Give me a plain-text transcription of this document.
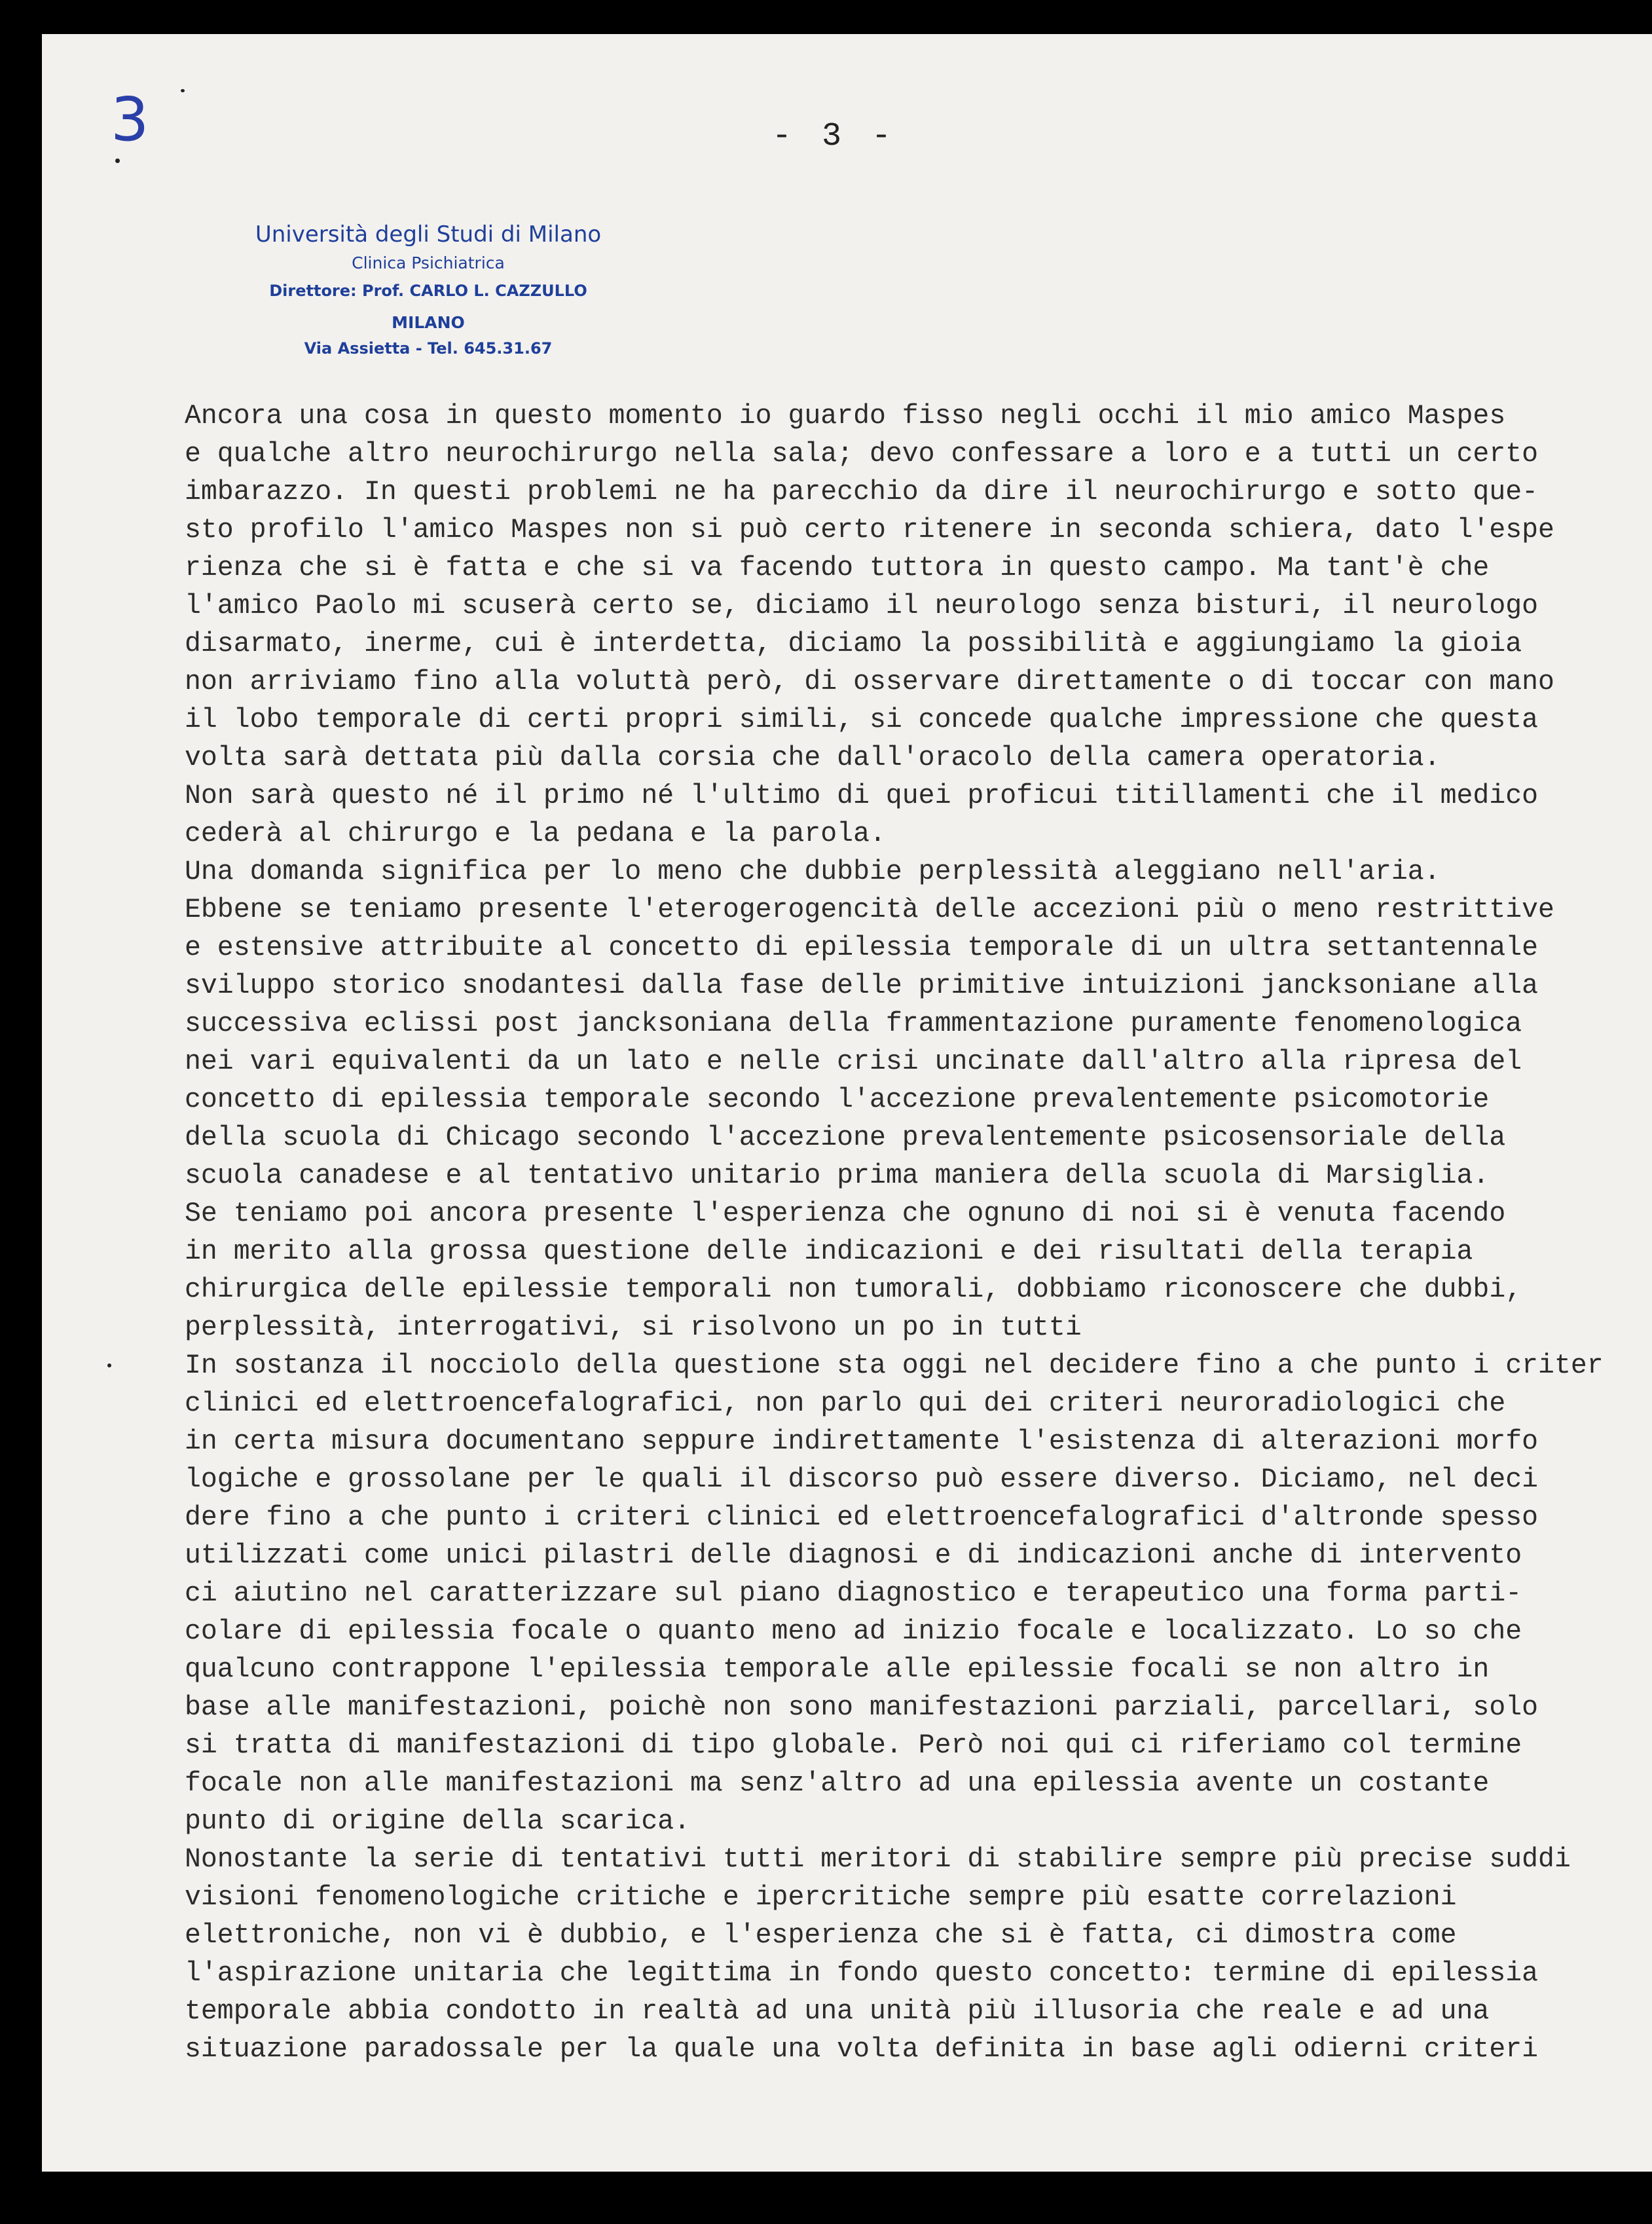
3	- 3 -
Università degli Studi di Milano
Clinica Psichiatrica
Direttore: Prof. CARLO L. CAZZULLO
MILANO
Via Assietta - Tel. 645.31.67
Ancora una cosa in questo momento io guardo fisso negli occhi il mio amico Maspes
e qualche altro neurochirurgo nella sala; devo confessare a loro e a tutti un certo
imbarazzo. In questi problemi ne ha parecchio da dire il neurochirurgo e sotto que-
sto profilo l'amico Maspes non si può certo ritenere in seconda schiera, dato l'espe
rienza che si è fatta e che si va facendo tuttora in questo campo. Ma tant'è che
l'amico Paolo mi scuserà certo se, diciamo il neurologo senza bisturi, il neurologo
disarmato, inerme, cui è interdetta, diciamo la possibilità e aggiungiamo la gioia
non arriviamo fino alla voluttà però, di osservare direttamente o di toccar con mano
il lobo temporale di certi propri simili, si concede qualche impressione che questa
volta sarà dettata più dalla corsia che dall'oracolo della camera operatoria.
Non sarà questo né il primo né l'ultimo di quei proficui titillamenti che il medico
cederà al chirurgo e la pedana e la parola.
Una domanda significa per lo meno che dubbie perplessità aleggiano nell'aria.
Ebbene se teniamo presente l'eterogerogencità delle accezioni più o meno restrittive
e estensive attribuite al concetto di epilessia temporale di un ultra settantennale
sviluppo storico snodantesi dalla fase delle primitive intuizioni jancksoniane alla
successiva eclissi post jancksoniana della frammentazione puramente fenomenologica
nei vari equivalenti da un lato e nelle crisi uncinate dall'altro alla ripresa del
concetto di epilessia temporale secondo l'accezione prevalentemente psicomotorie
della scuola di Chicago secondo l'accezione prevalentemente psicosensoriale della
scuola canadese e al tentativo unitario prima maniera della scuola di Marsiglia.
Se teniamo poi ancora presente l'esperienza che ognuno di noi si è venuta facendo
in merito alla grossa questione delle indicazioni e dei risultati della terapia
chirurgica delle epilessie temporali non tumorali, dobbiamo riconoscere che dubbi,
perplessità, interrogativi, si risolvono un po in tutti
In sostanza il nocciolo della questione sta oggi nel decidere fino a che punto i criter
clinici ed elettroencefalografici, non parlo qui dei criteri neuroradiologici che
in certa misura documentano seppure indirettamente l'esistenza di alterazioni morfo
logiche e grossolane per le quali il discorso può essere diverso. Diciamo, nel deci
dere fino a che punto i criteri clinici ed elettroencefalografici d'altronde spesso
utilizzati come unici pilastri delle diagnosi e di indicazioni anche di intervento
ci aiutino nel caratterizzare sul piano diagnostico e terapeutico una forma parti-
colare di epilessia focale o quanto meno ad inizio focale e localizzato. Lo so che
qualcuno contrappone l'epilessia temporale alle epilessie focali se non altro in
base alle manifestazioni, poichè non sono manifestazioni parziali, parcellari, solo
si tratta di manifestazioni di tipo globale. Però noi qui ci riferiamo col termine
focale non alle manifestazioni ma senz'altro ad una epilessia avente un costante
punto di origine della scarica.
Nonostante la serie di tentativi tutti meritori di stabilire sempre più precise suddi
visioni fenomenologiche critiche e ipercritiche sempre più esatte correlazioni
elettroniche, non vi è dubbio, e l'esperienza che si è fatta, ci dimostra come
l'aspirazione unitaria che legittima in fondo questo concetto: termine di epilessia
temporale abbia condotto in realtà ad una unità più illusoria che reale e ad una
situazione paradossale per la quale una volta definita in base agli odierni criteri
